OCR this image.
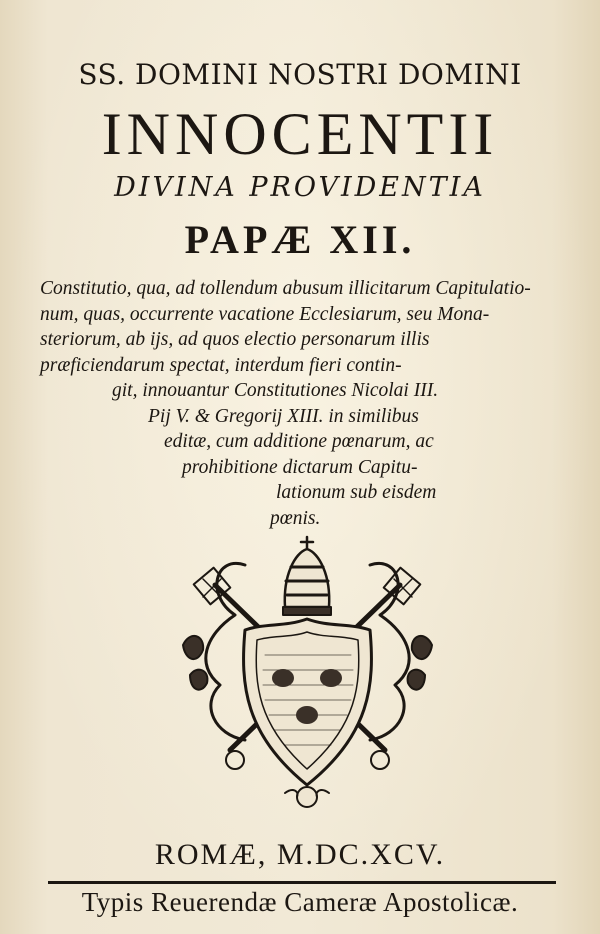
SS. DOMINI NOSTRI DOMINI
INNOCENTII
DIVINA PROVIDENTIA
PAPÆ XII.
Constitutio, qua, ad tollendum abusum illicitarum Capitulatio-
num, quas, occurrente vacatione Ecclesiarum, seu Mona-
steriorum, ab ijs, ad quos electio personarum illis
præficiendarum spectat, interdum fieri contin-
git, innouantur Constitutiones Nicolai III.
Pij V. & Gregorij XIII. in similibus
editæ, cum additione pœnarum, ac
prohibitione dictarum Capitu-
lationum sub eisdem
pœnis.
ROMÆ, M.DC.XCV.
Typis Reuerendæ Cameræ Apostolicæ.
